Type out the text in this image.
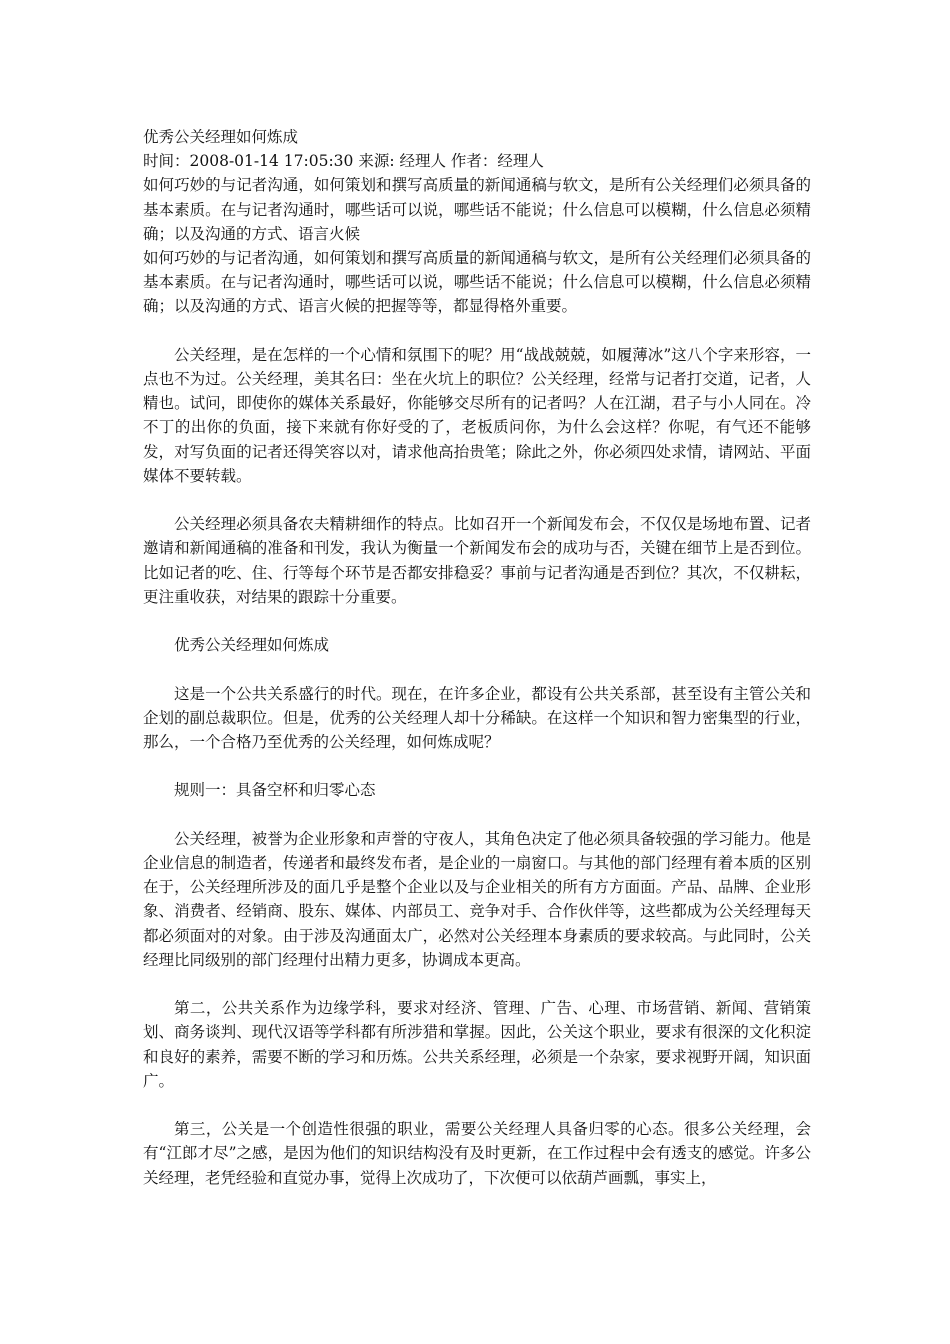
优秀公关经理如何炼成

时间：2008-01-14 17:05:30 来源: 经理人 作者：经理人

如何巧妙的与记者沟通，如何策划和撰写高质量的新闻通稿与软文，是所有公关经理们必须具备的基本素质。在与记者沟通时，哪些话可以说，哪些话不能说；什么信息可以模糊，什么信息必须精确；以及沟通的方式、语言火候

如何巧妙的与记者沟通，如何策划和撰写高质量的新闻通稿与软文，是所有公关经理们必须具备的基本素质。在与记者沟通时，哪些话可以说，哪些话不能说；什么信息可以模糊，什么信息必须精确；以及沟通的方式、语言火候的把握等等，都显得格外重要。

公关经理，是在怎样的一个心情和氛围下的呢？用“战战兢兢，如履薄冰”这八个字来形容，一点也不为过。公关经理，美其名曰：坐在火坑上的职位？公关经理，经常与记者打交道，记者，人精也。试问，即使你的媒体关系最好，你能够交尽所有的记者吗？人在江湖，君子与小人同在。冷不丁的出你的负面，接下来就有你好受的了，老板质问你，为什么会这样？你呢，有气还不能够发，对写负面的记者还得笑容以对，请求他高抬贵笔；除此之外，你必须四处求情，请网站、平面媒体不要转载。

公关经理必须具备农夫精耕细作的特点。比如召开一个新闻发布会，不仅仅是场地布置、记者邀请和新闻通稿的准备和刊发，我认为衡量一个新闻发布会的成功与否，关键在细节上是否到位。比如记者的吃、住、行等每个环节是否都安排稳妥？事前与记者沟通是否到位？其次，不仅耕耘，更注重收获，对结果的跟踪十分重要。

优秀公关经理如何炼成

这是一个公共关系盛行的时代。现在，在许多企业，都设有公共关系部，甚至设有主管公关和企划的副总裁职位。但是，优秀的公关经理人却十分稀缺。在这样一个知识和智力密集型的行业，那么，一个合格乃至优秀的公关经理，如何炼成呢？

规则一：具备空杯和归零心态

公关经理，被誉为企业形象和声誉的守夜人，其角色决定了他必须具备较强的学习能力。他是企业信息的制造者，传递者和最终发布者，是企业的一扇窗口。与其他的部门经理有着本质的区别在于，公关经理所涉及的面几乎是整个企业以及与企业相关的所有方方面面。产品、品牌、企业形象、消费者、经销商、股东、媒体、内部员工、竞争对手、合作伙伴等，这些都成为公关经理每天都必须面对的对象。由于涉及沟通面太广，必然对公关经理本身素质的要求较高。与此同时，公关经理比同级别的部门经理付出精力更多，协调成本更高。

第二，公共关系作为边缘学科，要求对经济、管理、广告、心理、市场营销、新闻、营销策划、商务谈判、现代汉语等学科都有所涉猎和掌握。因此，公关这个职业，要求有很深的文化积淀和良好的素养，需要不断的学习和历炼。公共关系经理，必须是一个杂家，要求视野开阔，知识面广。

第三，公关是一个创造性很强的职业，需要公关经理人具备归零的心态。很多公关经理，会有“江郎才尽”之感，是因为他们的知识结构没有及时更新，在工作过程中会有透支的感觉。许多公关经理，老凭经验和直觉办事，觉得上次成功了，下次便可以依葫芦画瓢，事实上，
